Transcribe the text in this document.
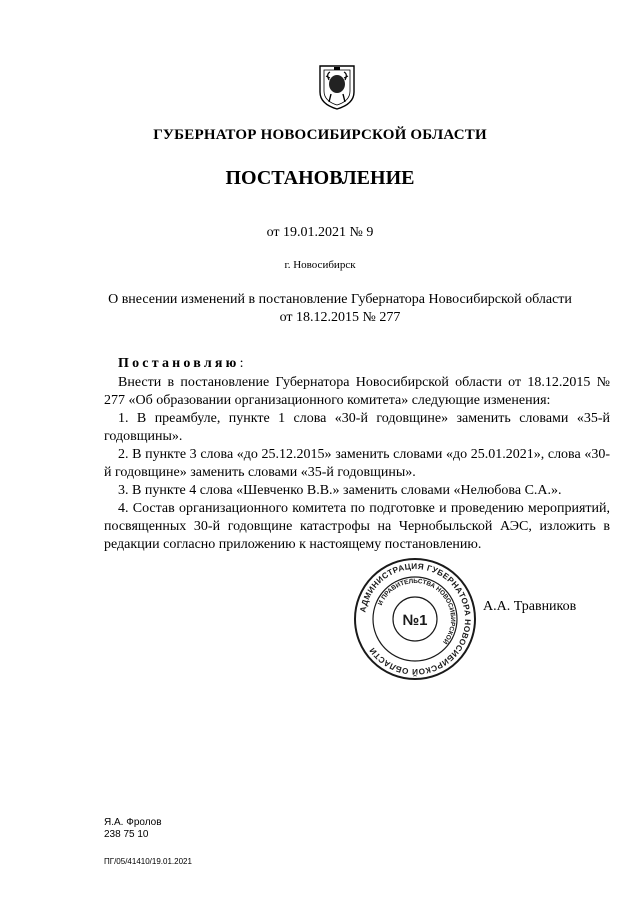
ГУБЕРНАТОР НОВОСИБИРСКОЙ ОБЛАСТИ
ПОСТАНОВЛЕНИЕ
от 19.01.2021 № 9
г. Новосибирск

О внесении изменений в постановление Губернатора Новосибирской области

от 18.12.2015 № 277

Постановляю:

Внести в постановление Губернатора Новосибирской области от 18.12.2015 № 277 «Об образовании организационного комитета» следующие изменения:

1. В преамбуле, пункте 1 слова «30-й годовщине» заменить словами «35-й годовщины».

2. В пункте 3 слова «до 25.12.2015» заменить словами «до 25.01.2021», слова «30-й годовщине» заменить словами «35-й годовщины».

3. В пункте 4 слова «Шевченко В.В.» заменить словами «Нелюбова С.А.».

4. Состав организационного комитета по подготовке и проведению мероприятий, посвященных 30-й годовщине катастрофы на Чернобыльской АЭС, изложить в редакции согласно приложению к настоящему постановлению.

АДМИНИСТРАЦИЯ ГУБЕРНАТОРА НОВОСИБИРСКОЙ ОБЛАСТИ
И ПРАВИТЕЛЬСТВА НОВОСИБИРСКОЙ
№1
А.А. Травников
Я.А. Фролов
238 75 10
ПГ/05/41410/19.01.2021
